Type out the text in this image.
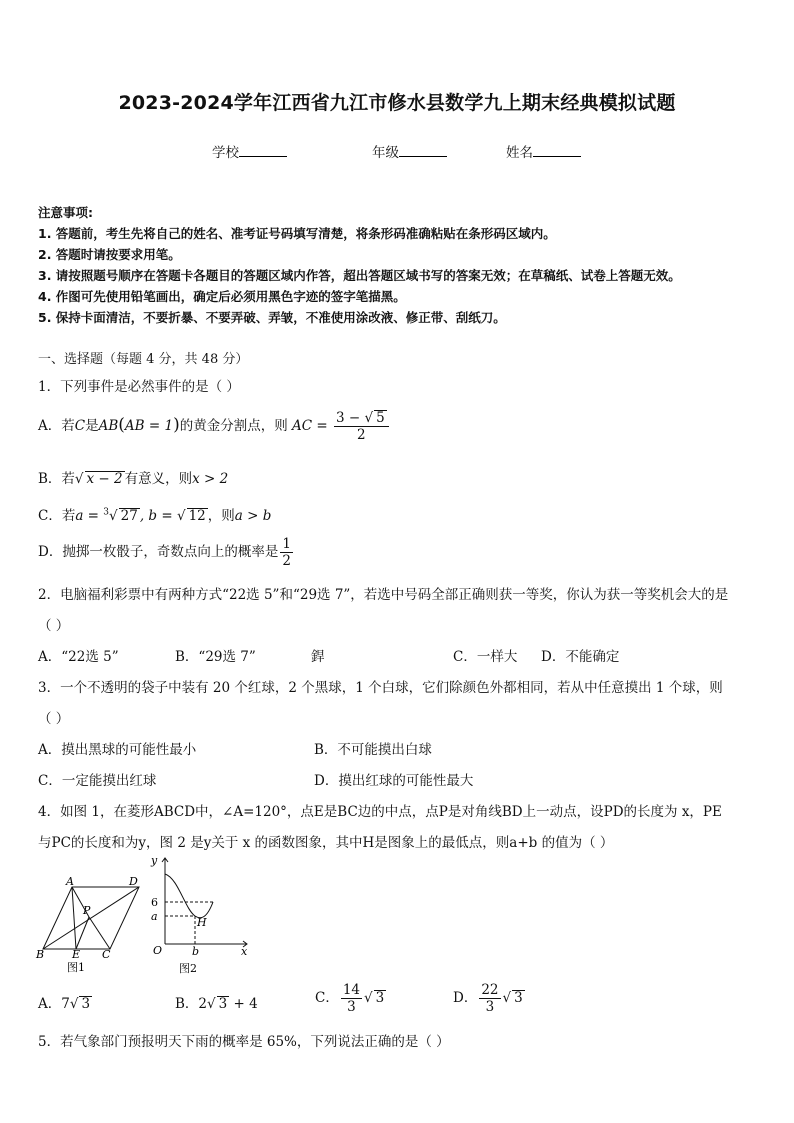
2023-2024学年江西省九江市修水县数学九上期末经典模拟试题
学校	年级	姓名
注意事项:
1. 答题前，考生先将自己的姓名、准考证号码填写清楚，将条形码准确粘贴在条形码区域内。
2. 答题时请按要求用笔。
3. 请按照题号顺序在答题卡各题目的答题区域内作答，超出答题区域书写的答案无效；在草稿纸、试卷上答题无效。
4. 作图可先使用铅笔画出，确定后必须用黑色字迹的签字笔描黑。
5. 保持卡面清洁，不要折暴、不要弄破、弄皱，不准使用涂改液、修正带、刮纸刀。
一、选择题（每题 4 分，共 48 分）
1．下列事件是必然事件的是（ ）
A．若C是AB(AB = 1)的黄金分割点，则 AC = $\frac{3 - √ 5}{2}$
B．若√ x − 2 有意义，则x > 2
C．若a = $^3$√ 27 , b = √ 12 ，则a > b
D．抛掷一枚骰子，奇数点向上的概率是 $\frac{1}{2}$
2．电脑福利彩票中有两种方式“22选 5”和“29选 7”，若选中号码全部正确则获一等奖，你认为获一等奖机会大的是
（ ）
A．“22选 5”	B．“29选 7”	銲	C．一样大 D．不能确定
3．一个不透明的袋子中装有 20 个红球，2 个黑球，1 个白球，它们除颜色外都相同，若从中任意摸出 1 个球，则
（ ）
A．摸出黑球的可能性最小	B．不可能摸出白球
C．一定能摸出红球	D．摸出红球的可能性最大
4．如图 1，在菱形ABCD中，∠A=120°，点E是BC边的中点，点P是对角线BD上一动点，设PD的长度为 x，PE
与PC的长度和为y，图 2 是y关于 x 的函数图象，其中H是图象上的最低点，则a+b 的值为（ ）
A	D
P
B	E C
图1
y
6
a	H
O	b	x
图2
A．7√ 3	B．2√ 3 + 4	C． $\frac{14}{3}$ √ 3	D． $\frac{22}{3}$ √ 3
5．若气象部门预报明天下雨的概率是 65%，下列说法正确的是（ ）
